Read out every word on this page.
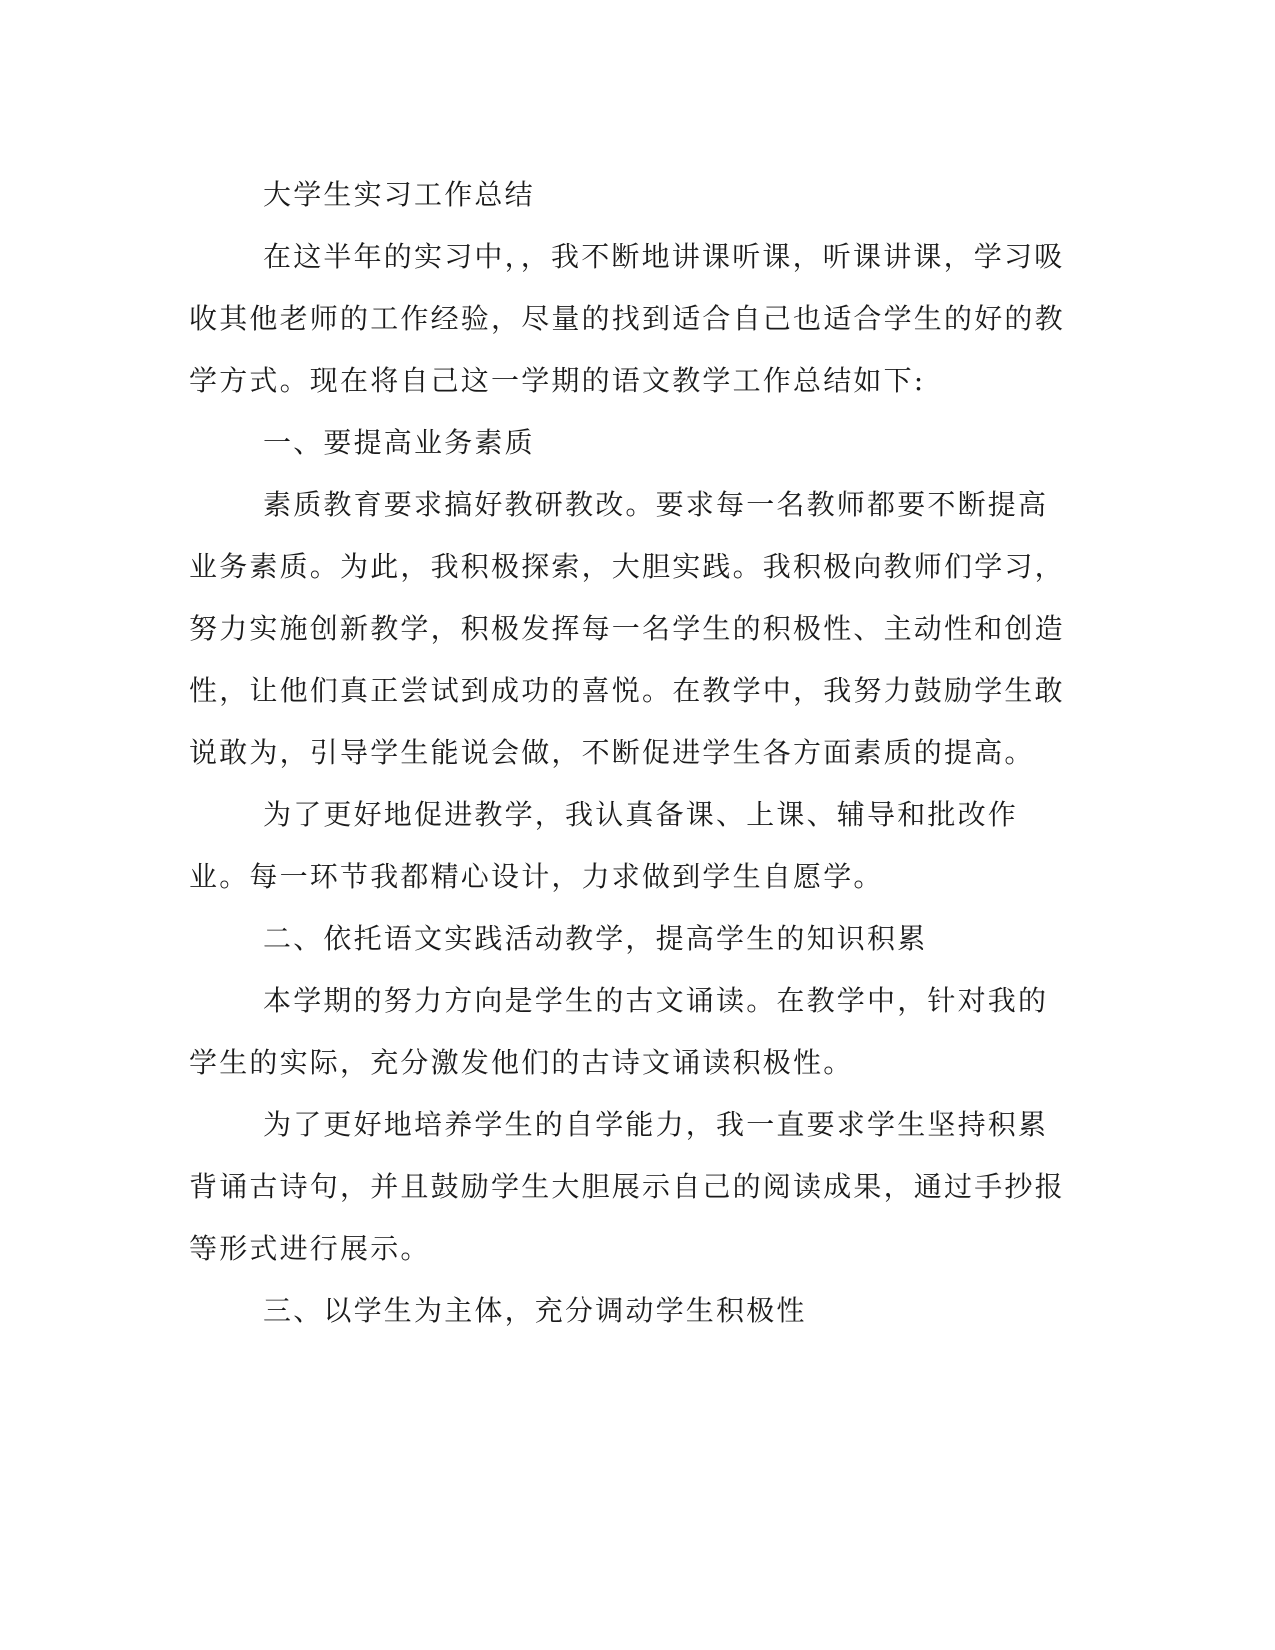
大学生实习工作总结

在这半年的实习中，，我不断地讲课听课，听课讲课，学习吸收其他老师的工作经验，尽量的找到适合自己也适合学生的好的教学方式。现在将自己这一学期的语文教学工作总结如下:

一、要提高业务素质

素质教育要求搞好教研教改。要求每一名教师都要不断提高业务素质。为此，我积极探索，大胆实践。我积极向教师们学习，努力实施创新教学，积极发挥每一名学生的积极性、主动性和创造性，让他们真正尝试到成功的喜悦。在教学中，我努力鼓励学生敢说敢为，引导学生能说会做，不断促进学生各方面素质的提高。

为了更好地促进教学，我认真备课、上课、辅导和批改作业。每一环节我都精心设计，力求做到学生自愿学。

二、依托语文实践活动教学，提高学生的知识积累

本学期的努力方向是学生的古文诵读。在教学中，针对我的学生的实际，充分激发他们的古诗文诵读积极性。

为了更好地培养学生的自学能力，我一直要求学生坚持积累背诵古诗句，并且鼓励学生大胆展示自己的阅读成果，通过手抄报等形式进行展示。

三、以学生为主体，充分调动学生积极性
